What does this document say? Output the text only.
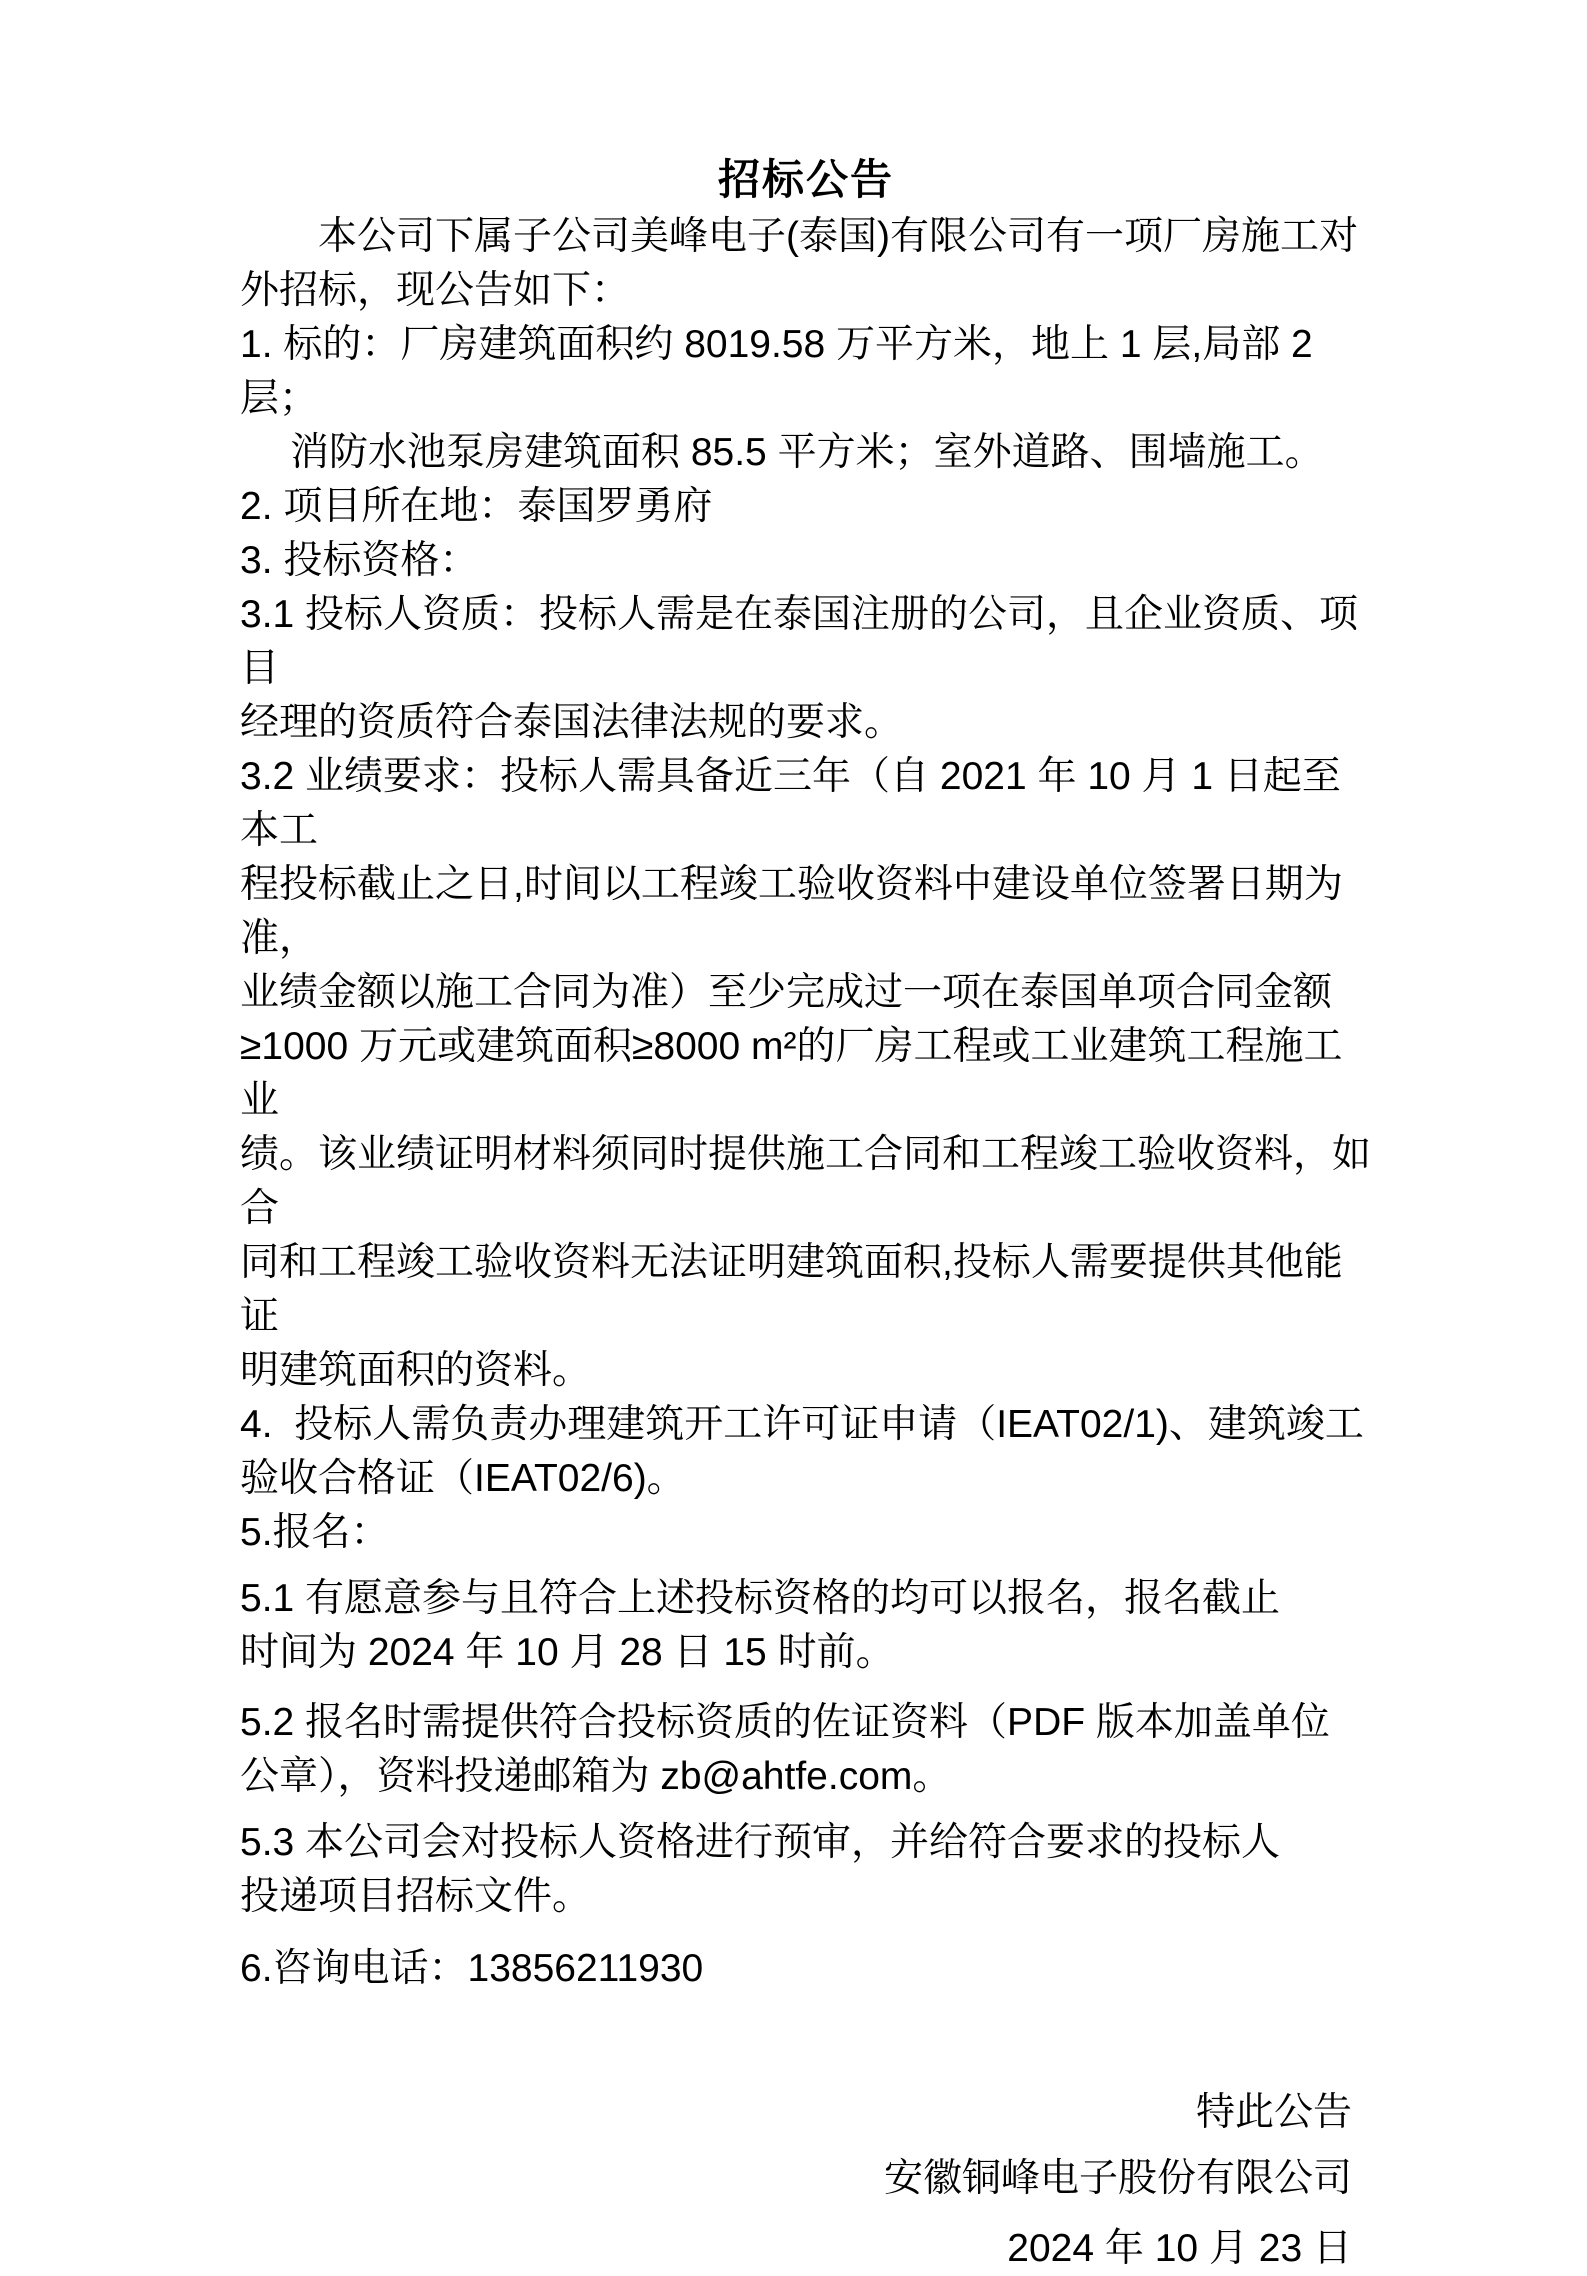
招标公告
本公司下属子公司美峰电子(泰国)有限公司有一项厂房施工对
外招标，现公告如下：
1. 标的：厂房建筑面积约 8019.58 万平方米，地上 1 层,局部 2 层；
消防水池泵房建筑面积 85.5 平方米；室外道路、围墙施工。
2. 项目所在地：泰国罗勇府
3. 投标资格：
3.1 投标人资质：投标人需是在泰国注册的公司，且企业资质、项目
经理的资质符合泰国法律法规的要求。
3.2 业绩要求：投标人需具备近三年（自 2021 年 10 月 1 日起至本工
程投标截止之日,时间以工程竣工验收资料中建设单位签署日期为准，
业绩金额以施工合同为准）至少完成过一项在泰国单项合同金额
≥1000 万元或建筑面积≥8000 m²的厂房工程或工业建筑工程施工业
绩。该业绩证明材料须同时提供施工合同和工程竣工验收资料，如合
同和工程竣工验收资料无法证明建筑面积,投标人需要提供其他能证
明建筑面积的资料。
4.  投标人需负责办理建筑开工许可证申请（IEAT02/1)、建筑竣工
验收合格证（IEAT02/6)。
5.报名：
5.1 有愿意参与且符合上述投标资格的均可以报名，报名截止
时间为 2024 年 10 月 28 日 15 时前。
5.2 报名时需提供符合投标资质的佐证资料（PDF 版本加盖单位
公章），资料投递邮箱为 zb@ahtfe.com。
5.3 本公司会对投标人资格进行预审，并给符合要求的投标人
投递项目招标文件。
6.咨询电话：13856211930
特此公告
安徽铜峰电子股份有限公司
2024 年 10 月 23 日
